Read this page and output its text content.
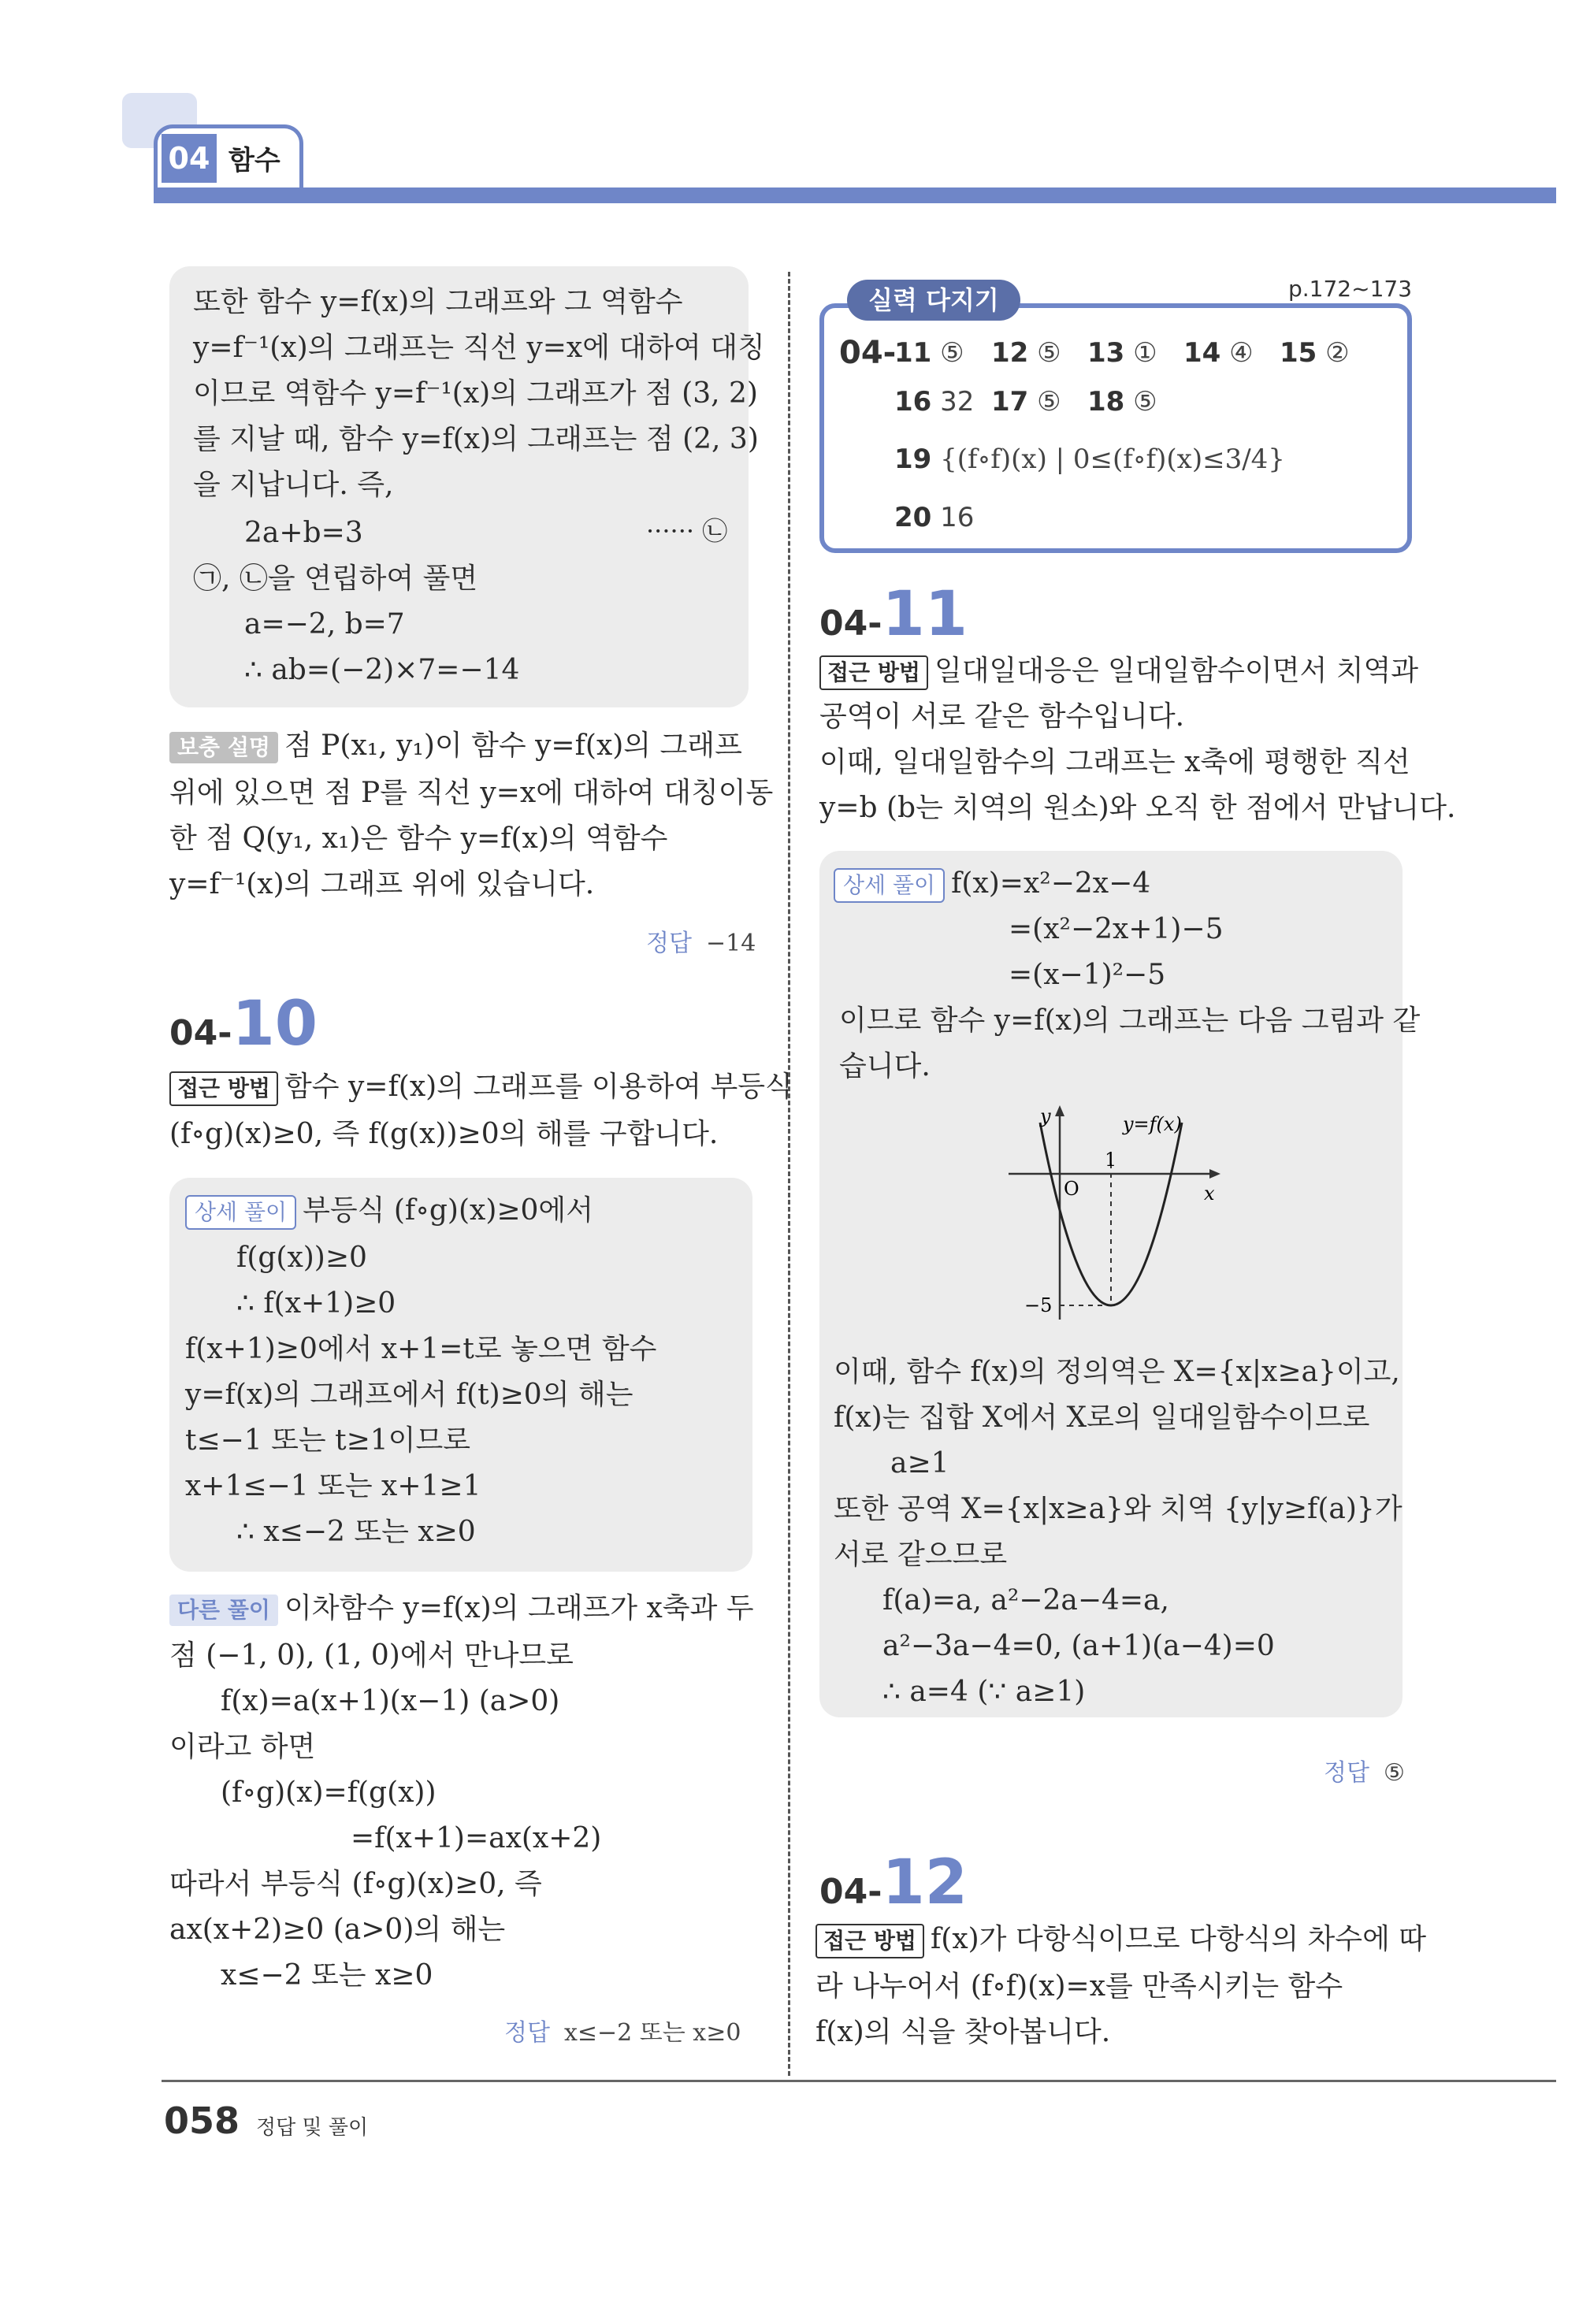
04 함수
또한 함수 y=f(x)의 그래프와 그 역함수
y=f⁻¹(x)의 그래프는 직선 y=x에 대하여 대칭
이므로 역함수 y=f⁻¹(x)의 그래프가 점 (3, 2)
를 지날 때, 함수 y=f(x)의 그래프는 점 (2, 3)
을 지납니다. 즉,
2a+b=3	······ ㉡
㉠, ㉡을 연립하여 풀면
a=−2, b=7
∴ ab=(−2)×7=−14
보충 설명 점 P(x₁, y₁)이 함수 y=f(x)의 그래프
위에 있으면 점 P를 직선 y=x에 대하여 대칭이동
한 점 Q(y₁, x₁)은 함수 y=f(x)의 역함수
y=f⁻¹(x)의 그래프 위에 있습니다.
정답 −14
04-10
접근 방법 함수 y=f(x)의 그래프를 이용하여 부등식
(f∘g)(x)≥0, 즉 f(g(x))≥0의 해를 구합니다.
상세 풀이 부등식 (f∘g)(x)≥0에서
f(g(x))≥0
∴ f(x+1)≥0
f(x+1)≥0에서 x+1=t로 놓으면 함수
y=f(x)의 그래프에서 f(t)≥0의 해는
t≤−1 또는 t≥1이므로
x+1≤−1 또는 x+1≥1
∴ x≤−2 또는 x≥0
다른 풀이 이차함수 y=f(x)의 그래프가 x축과 두
점 (−1, 0), (1, 0)에서 만나므로
f(x)=a(x+1)(x−1) (a>0)
이라고 하면
(f∘g)(x)=f(g(x))
=f(x+1)=ax(x+2)
따라서 부등식 (f∘g)(x)≥0, 즉
ax(x+2)≥0 (a>0)의 해는
x≤−2 또는 x≥0
정답 x≤−2 또는 x≥0
실력 다지기	p.172~173
04-
11 ⑤ 12 ⑤ 13 ① 14 ④ 15 ②
16 32 17 ⑤ 18 ⑤
19 {(f∘f)(x) | 0≤(f∘f)(x)≤3/4}
20 16
04-11
접근 방법 일대일대응은 일대일함수이면서 치역과
공역이 서로 같은 함수입니다.
이때, 일대일함수의 그래프는 x축에 평행한 직선
y=b (b는 치역의 원소)와 오직 한 점에서 만납니다.
상세 풀이 f(x)=x²−2x−4
=(x²−2x+1)−5
=(x−1)²−5
이므로 함수 y=f(x)의 그래프는 다음 그림과 같
습니다.
y
x
O
1
−5
y=f(x)
이때, 함수 f(x)의 정의역은 X={x|x≥a}이고,
f(x)는 집합 X에서 X로의 일대일함수이므로
a≥1
또한 공역 X={x|x≥a}와 치역 {y|y≥f(a)}가
서로 같으므로
f(a)=a, a²−2a−4=a,
a²−3a−4=0, (a+1)(a−4)=0
∴ a=4 (∵ a≥1)
정답 ⑤
04-12
접근 방법 f(x)가 다항식이므로 다항식의 차수에 따
라 나누어서 (f∘f)(x)=x를 만족시키는 함수
f(x)의 식을 찾아봅니다.
058 정답 및 풀이
